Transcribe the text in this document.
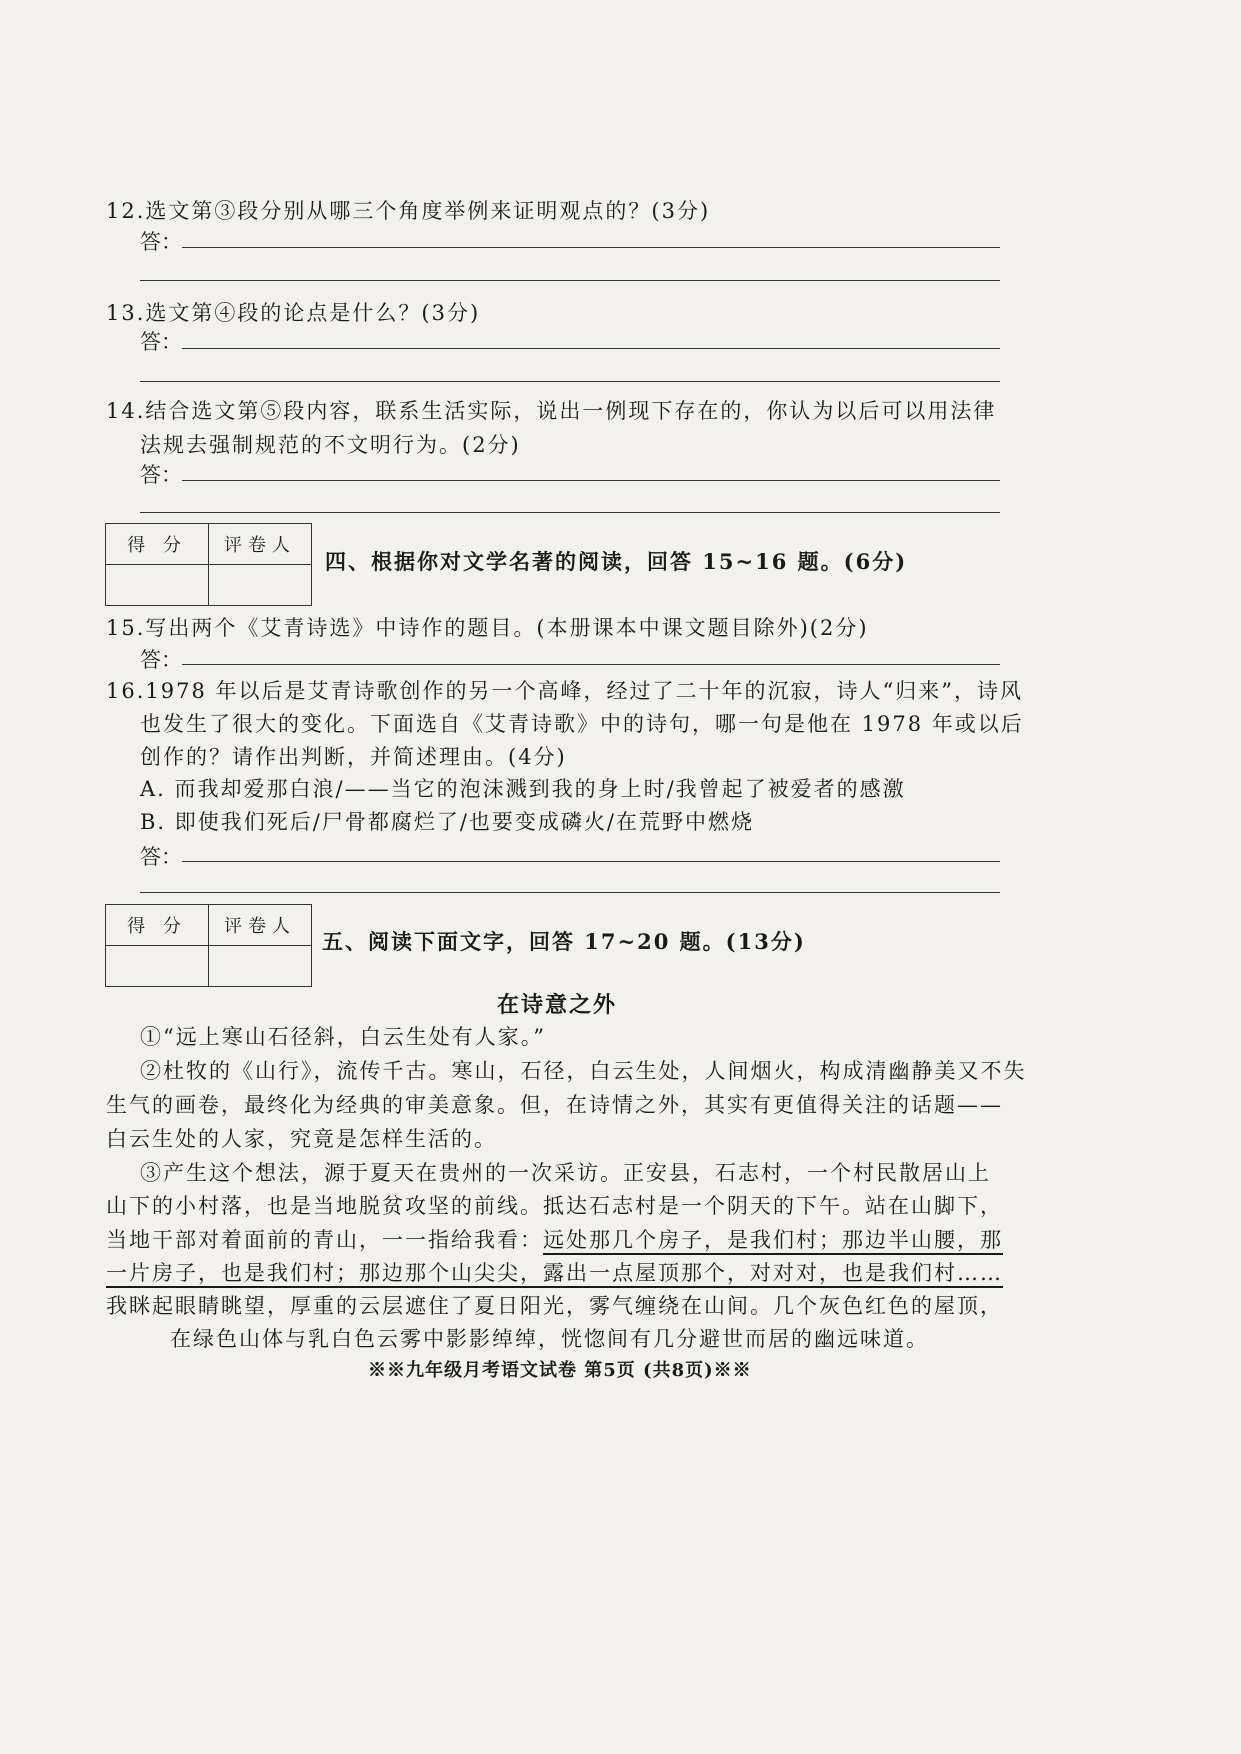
12.选文第③段分别从哪三个角度举例来证明观点的？(3分)
答：
13.选文第④段的论点是什么？(3分)
答：
14.结合选文第⑤段内容，联系生活实际，说出一例现下存在的，你认为以后可以用法律
法规去强制规范的不文明行为。(2分)
答：
得 分	评卷人

四、根据你对文学名著的阅读，回答 15~16 题。(6分)
15.写出两个《艾青诗选》中诗作的题目。(本册课本中课文题目除外)(2分)
答：
16.1978 年以后是艾青诗歌创作的另一个高峰，经过了二十年的沉寂，诗人“归来”，诗风
也发生了很大的变化。下面选自《艾青诗歌》中的诗句，哪一句是他在 1978 年或以后
创作的？请作出判断，并简述理由。(4分)
A. 而我却爱那白浪/——当它的泡沫溅到我的身上时/我曾起了被爱者的感激
B. 即使我们死后/尸骨都腐烂了/也要变成磷火/在荒野中燃烧
答：
得 分	评卷人

五、阅读下面文字，回答 17~20 题。(13分)
在诗意之外
①“远上寒山石径斜，白云生处有人家。”
②杜牧的《山行》，流传千古。寒山，石径，白云生处，人间烟火，构成清幽静美又不失
生气的画卷，最终化为经典的审美意象。但，在诗情之外，其实有更值得关注的话题——
白云生处的人家，究竟是怎样生活的。
③产生这个想法，源于夏天在贵州的一次采访。正安县，石志村，一个村民散居山上
山下的小村落，也是当地脱贫攻坚的前线。抵达石志村是一个阴天的下午。站在山脚下，
当地干部对着面前的青山，一一指给我看：远处那几个房子，是我们村；那边半山腰，那
一片房子，也是我们村；那边那个山尖尖，露出一点屋顶那个，对对对，也是我们村……
我眯起眼睛眺望，厚重的云层遮住了夏日阳光，雾气缠绕在山间。几个灰色红色的屋顶，
在绿色山体与乳白色云雾中影影绰绰，恍惚间有几分避世而居的幽远味道。
※※九年级月考语文试卷 第5页 (共8页)※※
